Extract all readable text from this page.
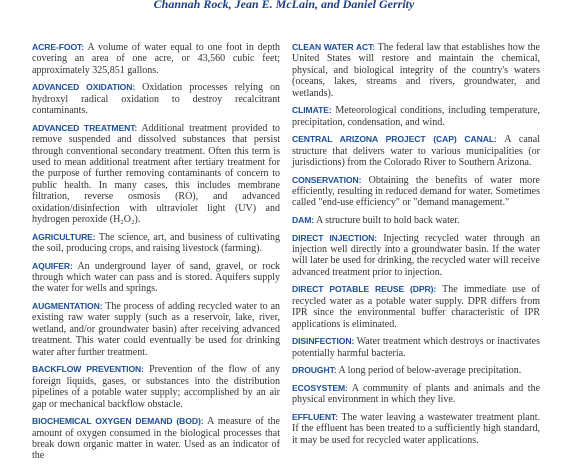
Channah Rock, Jean E. McLain, and Daniel Gerrity

ACRE-FOOT: A volume of water equal to one foot in depth covering an area of one acre, or 43,560 cubic feet; approximately 325,851 gallons.

ADVANCED OXIDATION: Oxidation processes relying on hydroxyl radical oxidation to destroy recalcitrant contaminants.

ADVANCED TREATMENT: Additional treatment provided to remove suspended and dissolved substances that persist through conventional secondary treatment. Often this term is used to mean additional treatment after tertiary treatment for the purpose of further removing contaminants of concern to public health. In many cases, this includes membrane filtration, reverse osmosis (RO), and advanced oxidation/disinfection with ultraviolet light (UV) and hydrogen peroxide (H₂O₂).

AGRICULTURE: The science, art, and business of cultivating the soil, producing crops, and raising livestock (farming).

AQUIFER: An underground layer of sand, gravel, or rock through which water can pass and is stored. Aquifers supply the water for wells and springs.

AUGMENTATION: The process of adding recycled water to an existing raw water supply (such as a reservoir, lake, river, wetland, and/or groundwater basin) after receiving advanced treatment. This water could eventually be used for drinking water after further treatment.

BACKFLOW PREVENTION: Prevention of the flow of any foreign liquids, gases, or substances into the distribution pipelines of a potable water supply; accomplished by an air gap or mechanical backflow obstacle.

BIOCHEMICAL OXYGEN DEMAND (BOD): A measure of the amount of oxygen consumed in the biological processes that break down organic matter in water. Used as an indicator of the

CLEAN WATER ACT: The federal law that establishes how the United States will restore and maintain the chemical, physical, and biological integrity of the country's waters (oceans, lakes, streams and rivers, groundwater, and wetlands).

CLIMATE: Meteorological conditions, including temperature, precipitation, condensation, and wind.

CENTRAL ARIZONA PROJECT (CAP) CANAL: A canal structure that delivers water to various municipalities (or jurisdictions) from the Colorado River to Southern Arizona.

CONSERVATION: Obtaining the benefits of water more efficiently, resulting in reduced demand for water. Sometimes called "end-use efficiency" or "demand management."

DAM: A structure built to hold back water.

DIRECT INJECTION: Injecting recycled water through an injection well directly into a groundwater basin. If the water will later be used for drinking, the recycled water will receive advanced treatment prior to injection.

DIRECT POTABLE REUSE (DPR): The immediate use of recycled water as a potable water supply. DPR differs from IPR since the environmental buffer characteristic of IPR applications is eliminated.

DISINFECTION: Water treatment which destroys or inactivates potentially harmful bacteria.

DROUGHT: A long period of below-average precipitation.

ECOSYSTEM: A community of plants and animals and the physical environment in which they live.

EFFLUENT: The water leaving a wastewater treatment plant. If the effluent has been treated to a sufficiently high standard, it may be used for recycled water applications.
